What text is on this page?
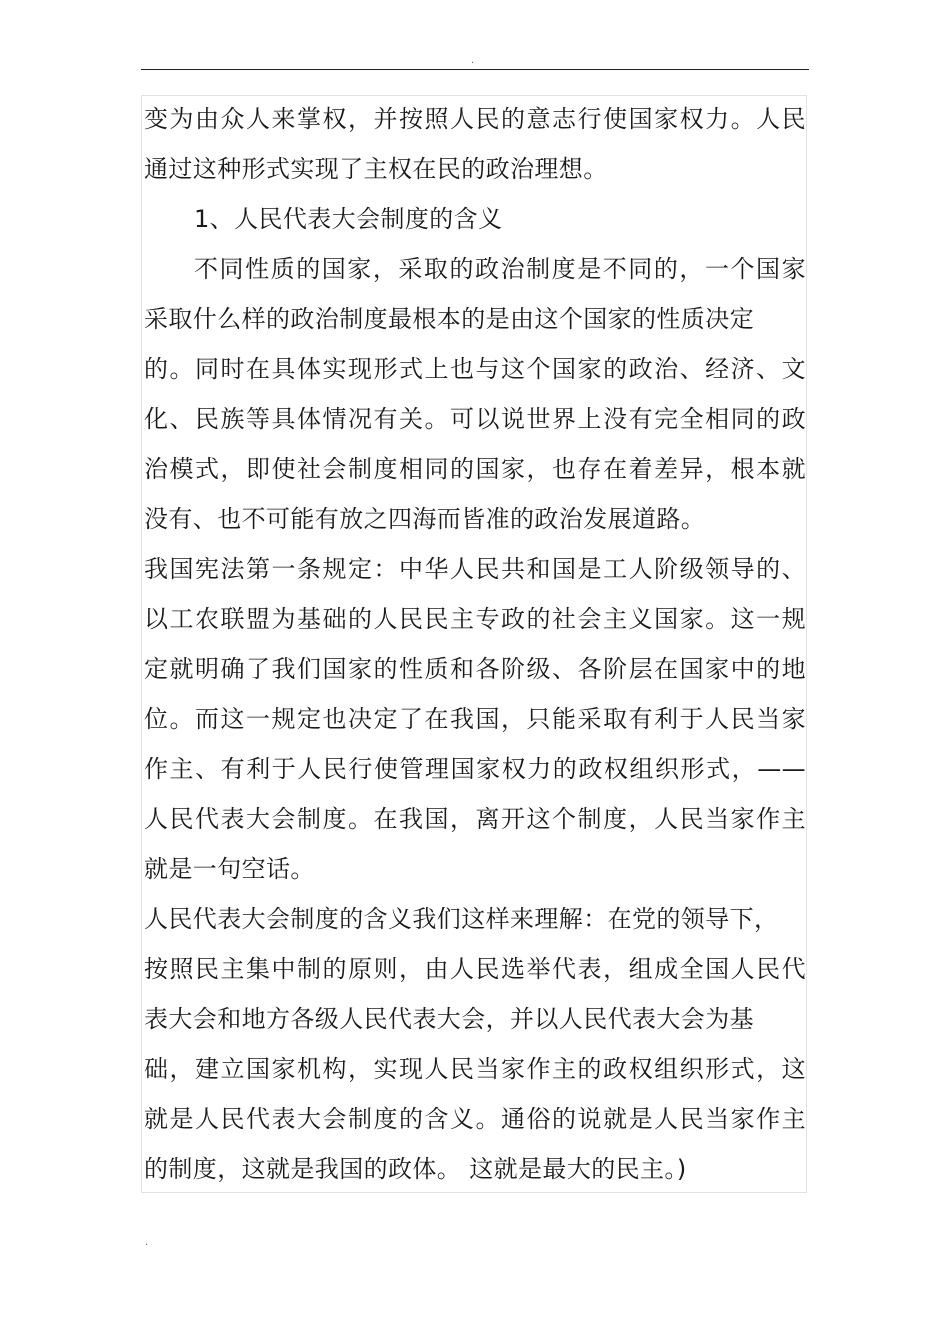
.
变为由众人来掌权，并按照人民的意志行使国家权力。人民
通过这种形式实现了主权在民的政治理想。
1、人民代表大会制度的含义
不同性质的国家，采取的政治制度是不同的，一个国家
采取什么样的政治制度最根本的是由这个国家的性质决定
的。同时在具体实现形式上也与这个国家的政治、经济、文
化、民族等具体情况有关。可以说世界上没有完全相同的政
治模式，即使社会制度相同的国家，也存在着差异，根本就
没有、也不可能有放之四海而皆准的政治发展道路。
我国宪法第一条规定：中华人民共和国是工人阶级领导的、
以工农联盟为基础的人民民主专政的社会主义国家。这一规
定就明确了我们国家的性质和各阶级、各阶层在国家中的地
位。而这一规定也决定了在我国，只能采取有利于人民当家
作主、有利于人民行使管理国家权力的政权组织形式，——
人民代表大会制度。在我国，离开这个制度，人民当家作主
就是一句空话。
人民代表大会制度的含义我们这样来理解：在党的领导下，
按照民主集中制的原则，由人民选举代表，组成全国人民代
表大会和地方各级人民代表大会，并以人民代表大会为基
础，建立国家机构，实现人民当家作主的政权组织形式，这
就是人民代表大会制度的含义。通俗的说就是人民当家作主
的制度，这就是我国的政体。 这就是最大的民主。)
.
